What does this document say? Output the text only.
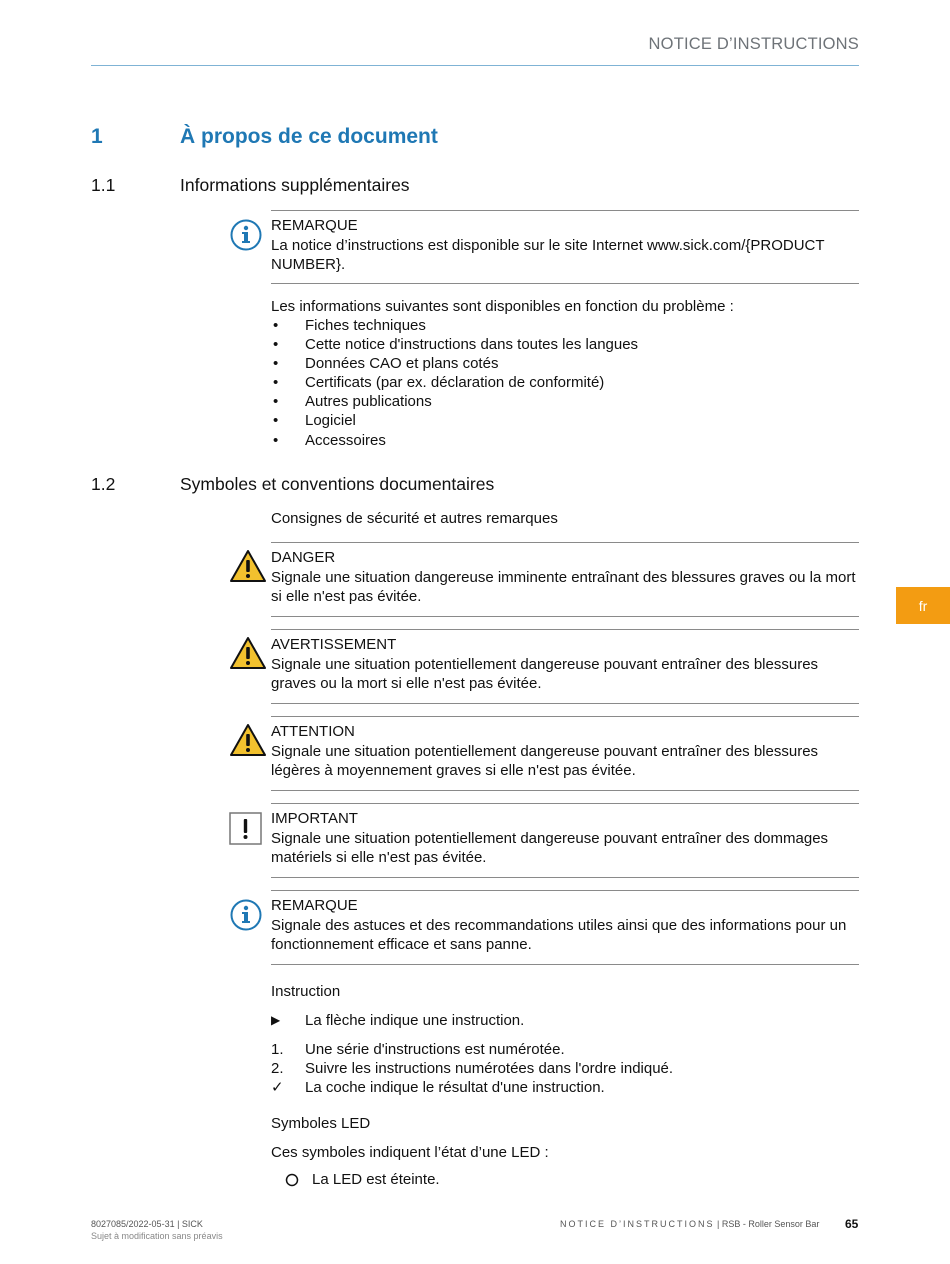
NOTICE D’INSTRUCTIONS
1	À propos de ce document
1.1	Informations supplémentaires
REMARQUE
La notice d’instructions est disponible sur le site Internet www.sick.com/{PRODUCT NUMBER}.
Les informations suivantes sont disponibles en fonction du problème :
• Fiches techniques
• Cette notice d'instructions dans toutes les langues
• Données CAO et plans cotés
• Certificats (par ex. déclaration de conformité)
• Autres publications
• Logiciel
• Accessoires
1.2	Symboles et conventions documentaires
Consignes de sécurité et autres remarques
DANGER
Signale une situation dangereuse imminente entraînant des blessures graves ou la mort si elle n'est pas évitée.
AVERTISSEMENT
Signale une situation potentiellement dangereuse pouvant entraîner des blessures graves ou la mort si elle n'est pas évitée.
ATTENTION
Signale une situation potentiellement dangereuse pouvant entraîner des blessures légères à moyennement graves si elle n'est pas évitée.
IMPORTANT
Signale une situation potentiellement dangereuse pouvant entraîner des dommages matériels si elle n'est pas évitée.
REMARQUE
Signale des astuces et des recommandations utiles ainsi que des informations pour un fonctionnement efficace et sans panne.
Instruction
▶ La flèche indique une instruction.
1. Une série d'instructions est numérotée.
2. Suivre les instructions numérotées dans l'ordre indiqué.
✓ La coche indique le résultat d'une instruction.
Symboles LED
Ces symboles indiquent l’état d’une LED :
La LED est éteinte.
fr
8027085/2022-05-31 | SICK
Sujet à modification sans préavis
NOTICE D’INSTRUCTIONS | RSB - Roller Sensor Bar 65
